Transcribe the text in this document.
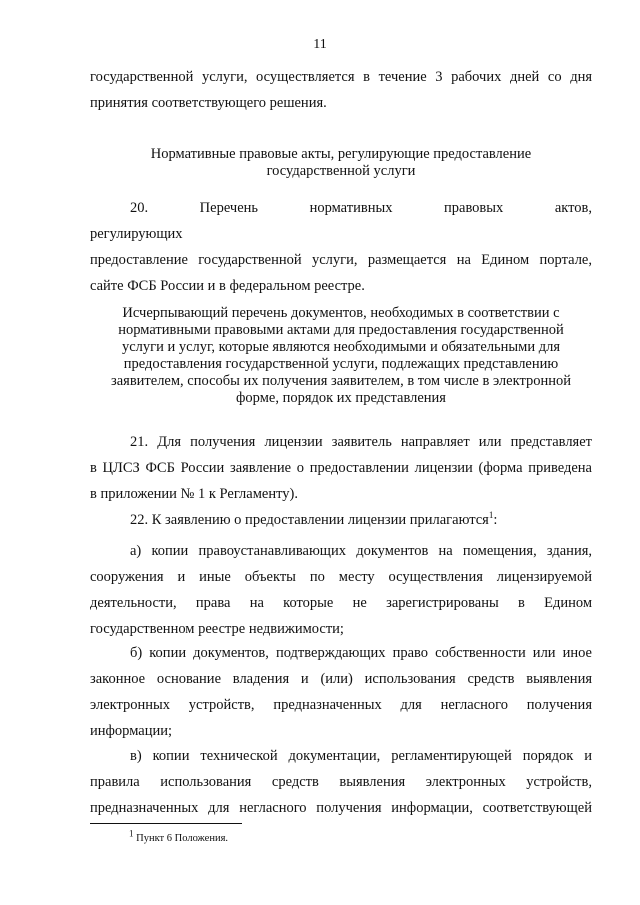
11

государственной услуги, осуществляется в течение 3 рабочих дней со дня

принятия соответствующего решения.

Нормативные правовые акты, регулирующие предоставление

государственной услуги

20. Перечень нормативных правовых актов, регулирующих

предоставление государственной услуги, размещается на Едином портале,

сайте ФСБ России и в федеральном реестре.

Исчерпывающий перечень документов, необходимых в соответствии с

нормативными правовыми актами для предоставления государственной

услуги и услуг, которые являются необходимыми и обязательными для

предоставления государственной услуги, подлежащих представлению

заявителем, способы их получения заявителем, в том числе в электронной

форме, порядок их представления

21. Для получения лицензии заявитель направляет или представляет

в ЦЛСЗ ФСБ России заявление о предоставлении лицензии (форма приведена

в приложении № 1 к Регламенту).

22. К заявлению о предоставлении лицензии прилагаются$^1$:

а) копии правоустанавливающих документов на помещения, здания,

сооружения и иные объекты по месту осуществления лицензируемой

деятельности, права на которые не зарегистрированы в Едином

государственном реестре недвижимости;

б) копии документов, подтверждающих право собственности или иное

законное основание владения и (или) использования средств выявления

электронных устройств, предназначенных для негласного получения

информации;

в) копии технической документации, регламентирующей порядок и

правила использования средств выявления электронных устройств,

предназначенных для негласного получения информации, соответствующей

$^1$ Пункт 6 Положения.
